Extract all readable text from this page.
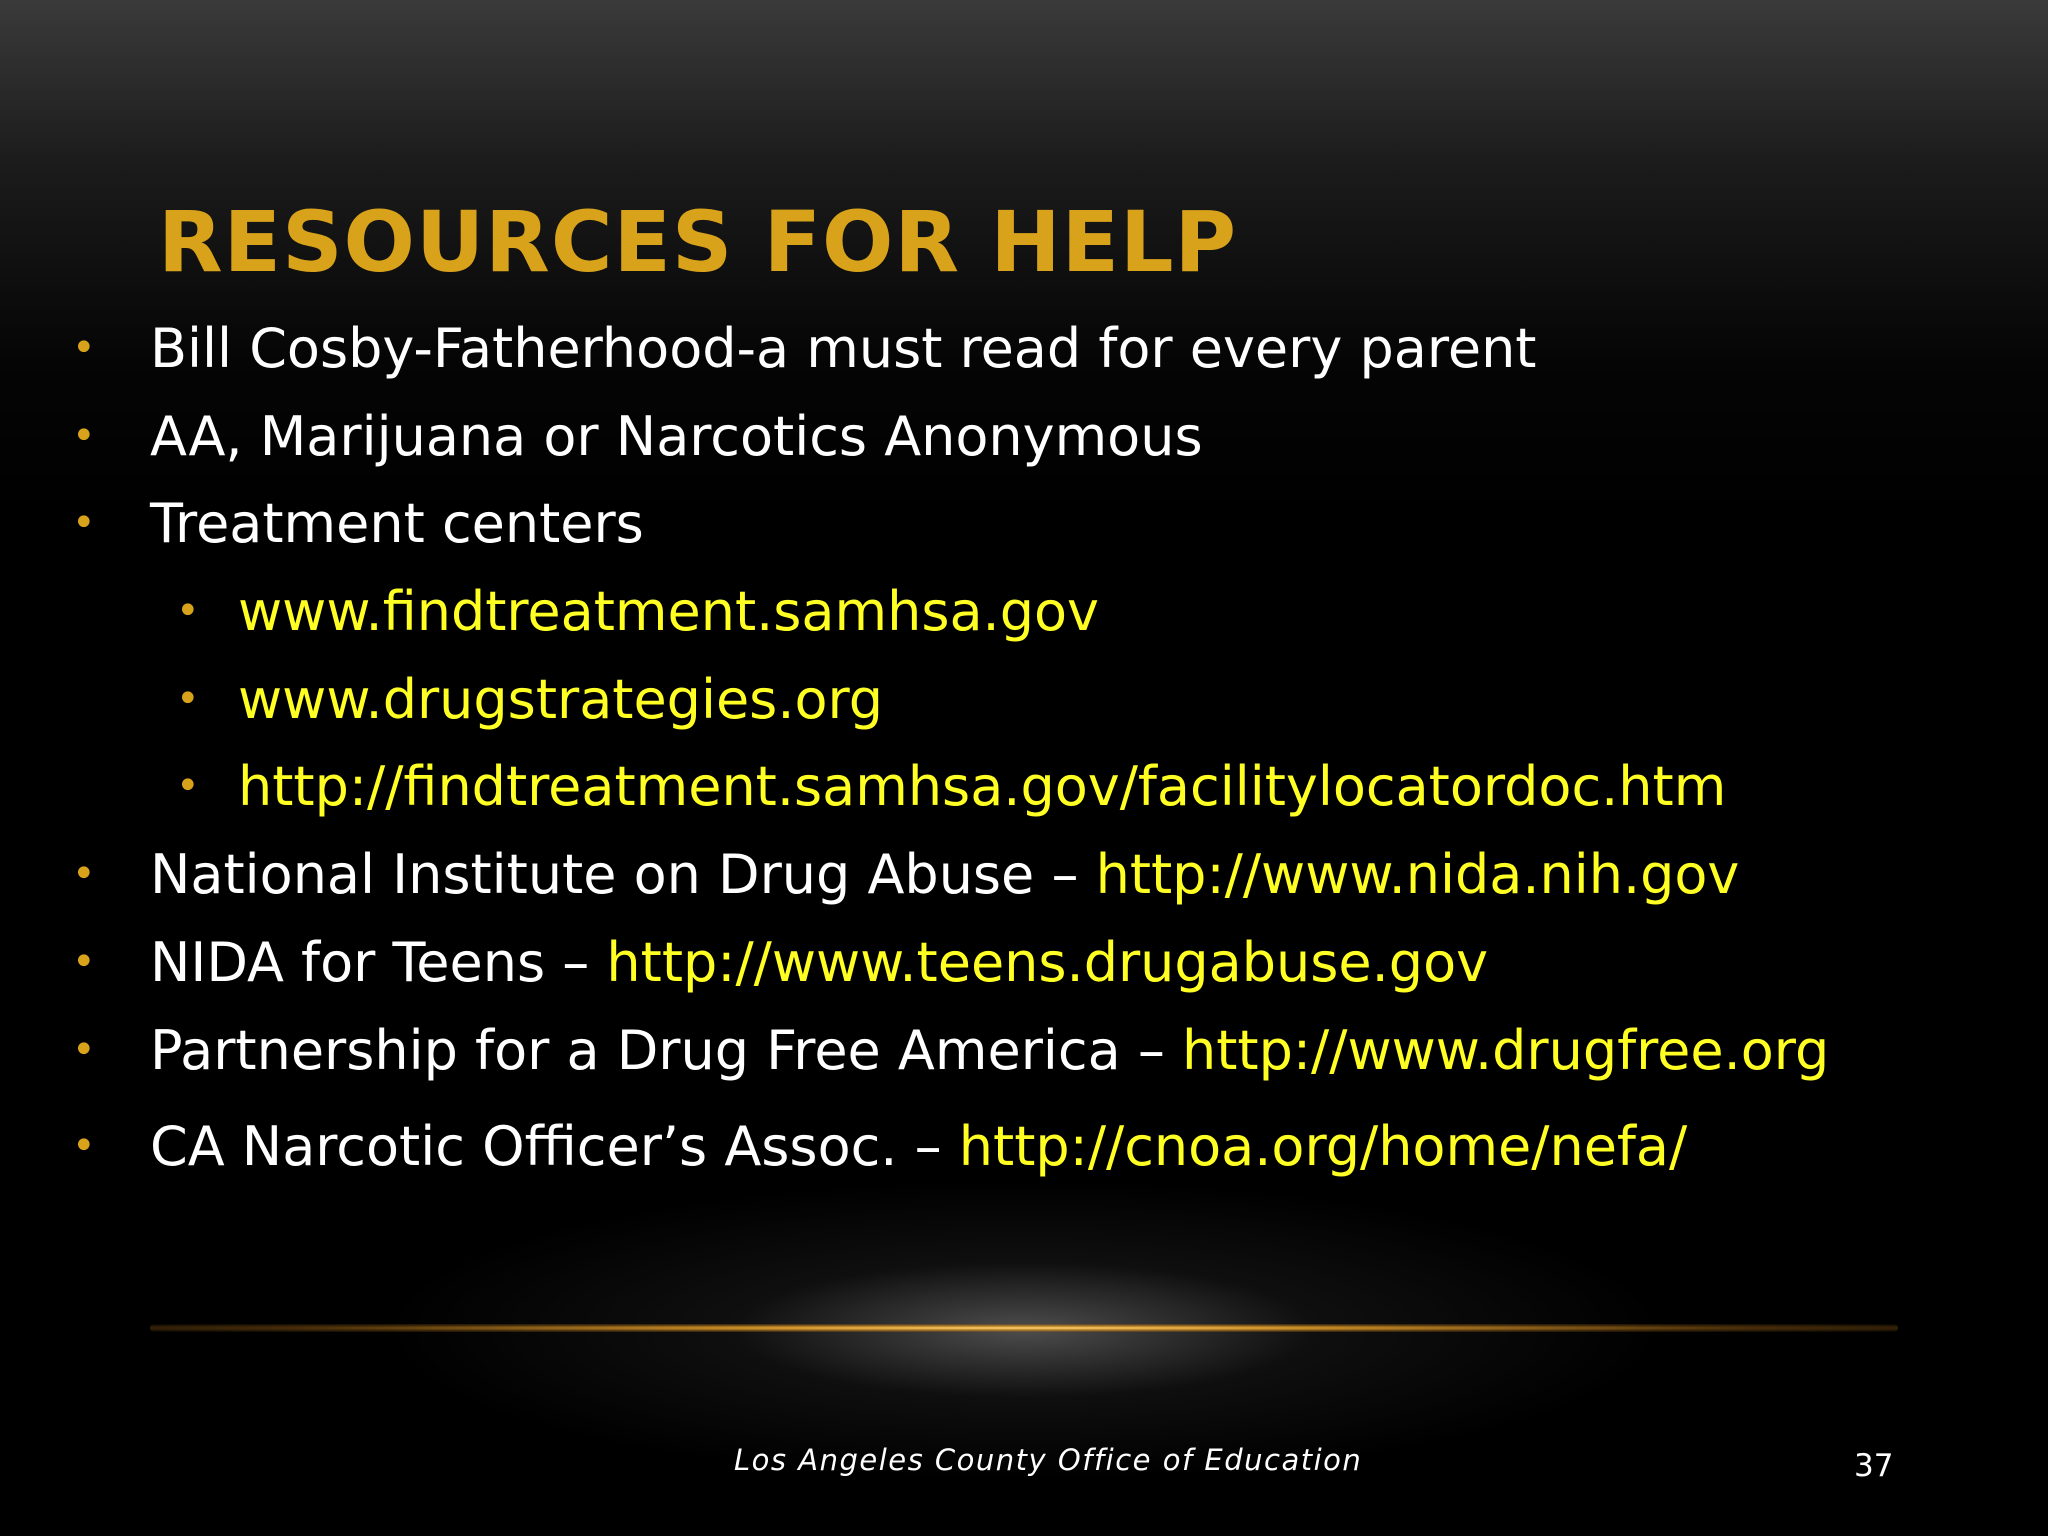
RESOURCES FOR HELP
• Bill Cosby-Fatherhood-a must read for every parent
• AA, Marijuana or Narcotics Anonymous
• Treatment centers
• www.findtreatment.samhsa.gov
• www.drugstrategies.org
• http://findtreatment.samhsa.gov/facilitylocatordoc.htm
• National Institute on Drug Abuse – http://www.nida.nih.gov
• NIDA for Teens – http://www.teens.drugabuse.gov
• Partnership for a Drug Free America – http://www.drugfree.org
• CA Narcotic Officer’s Assoc. – http://cnoa.org/home/nefa/
Los Angeles County Office of Education	37
